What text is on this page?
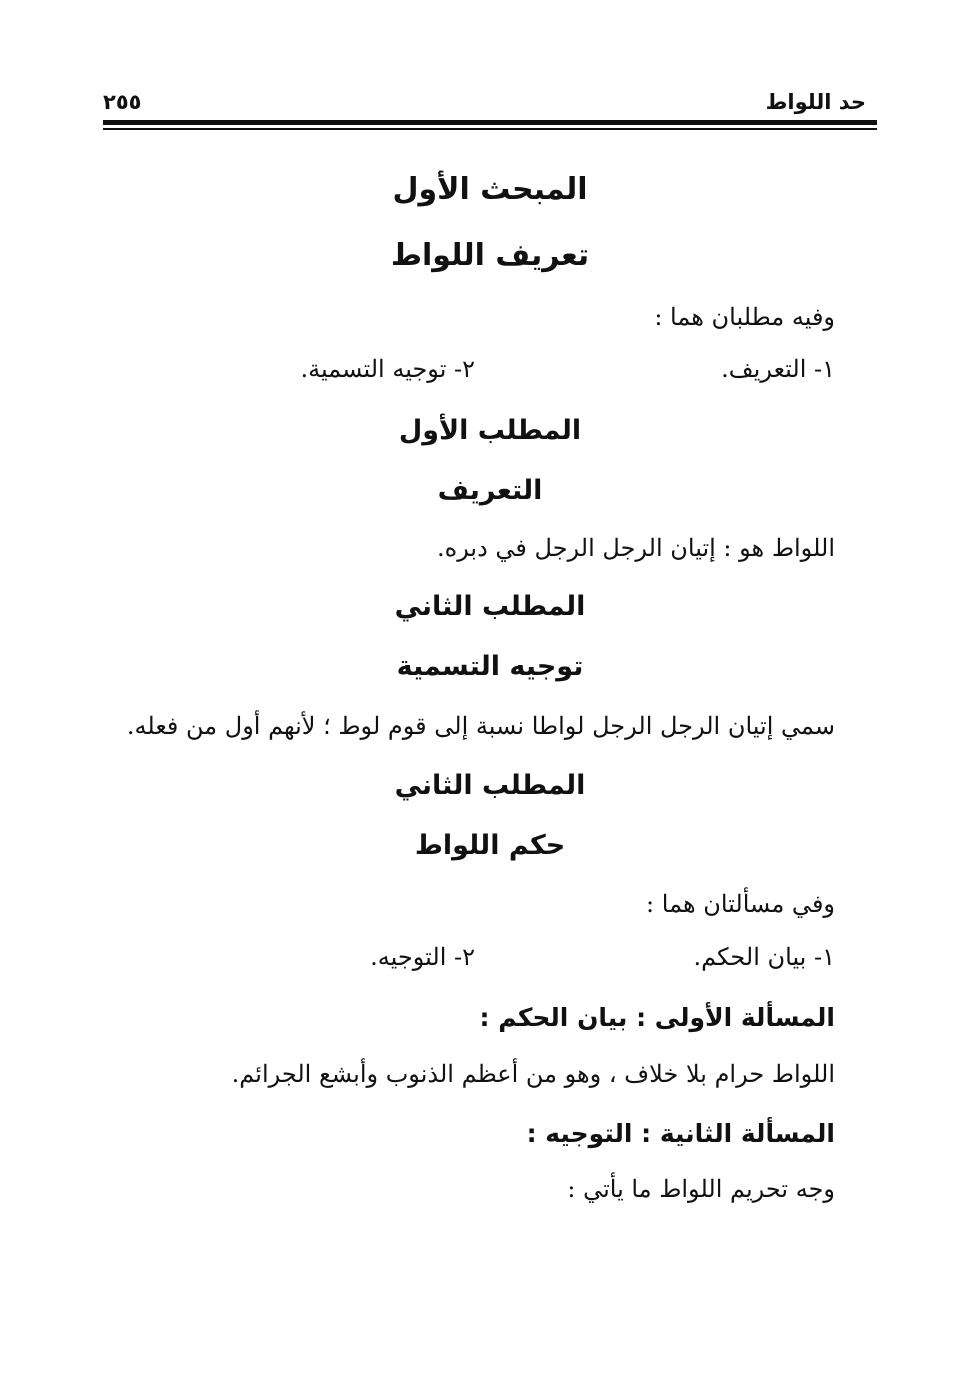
حد اللواط
٢٥٥
المبحث الأول
تعريف اللواط
وفيه مطلبان هما :
١- التعريف.
٢- توجيه التسمية.
المطلب الأول
التعريف
اللواط هو : إتيان الرجل الرجل في دبره.
المطلب الثاني
توجيه التسمية
سمي إتيان الرجل الرجل لواطا نسبة إلى قوم لوط ؛ لأنهم أول من فعله.
المطلب الثاني
حكم اللواط
وفي مسألتان هما :
١- بيان الحكم.
٢- التوجيه.
المسألة الأولى : بيان الحكم :
اللواط حرام بلا خلاف ، وهو من أعظم الذنوب وأبشع الجرائم.
المسألة الثانية : التوجيه :
وجه تحريم اللواط ما يأتي :
